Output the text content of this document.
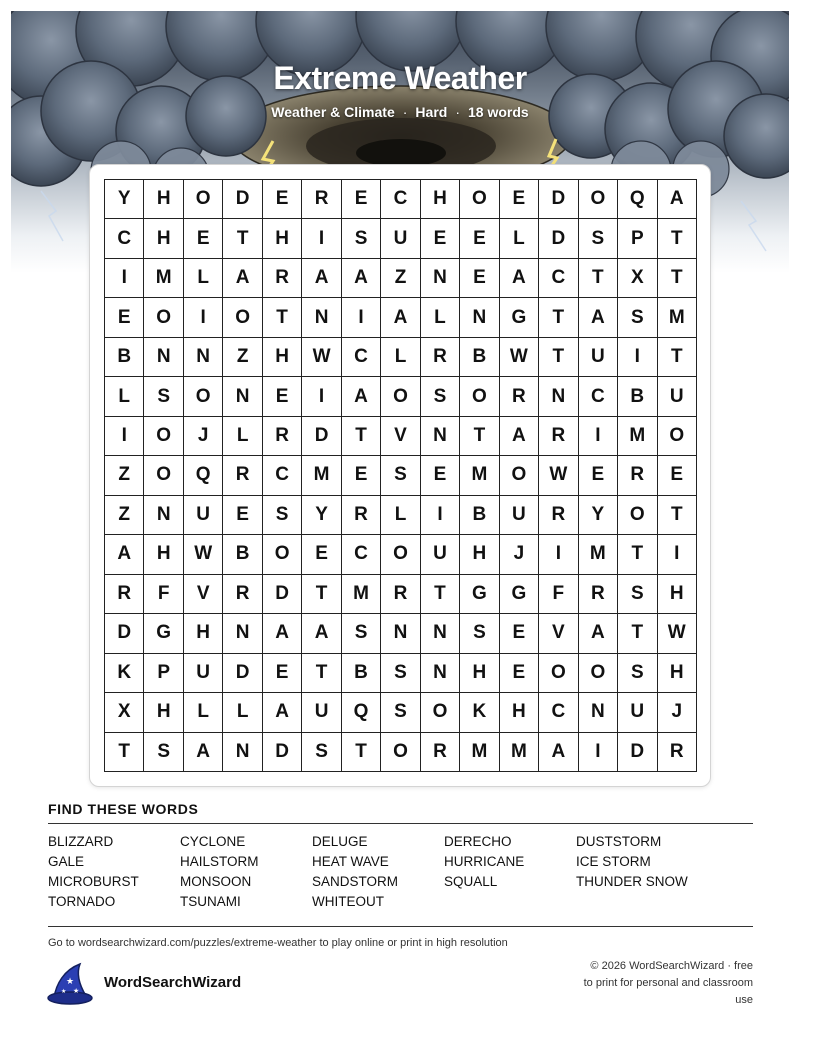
Extreme Weather
Weather & Climate · Hard · 18 words
Y	H	O	D	E	R	E	C	H	O	E	D	O	Q	A
C	H	E	T	H	I	S	U	E	E	L	D	S	P	T
I	M	L	A	R	A	A	Z	N	E	A	C	T	X	T
E	O	I	O	T	N	I	A	L	N	G	T	A	S	M
B	N	N	Z	H	W	C	L	R	B	W	T	U	I	T
L	S	O	N	E	I	A	O	S	O	R	N	C	B	U
I	O	J	L	R	D	T	V	N	T	A	R	I	M	O
Z	O	Q	R	C	M	E	S	E	M	O	W	E	R	E
Z	N	U	E	S	Y	R	L	I	B	U	R	Y	O	T
A	H	W	B	O	E	C	O	U	H	J	I	M	T	I
R	F	V	R	D	T	M	R	T	G	G	F	R	S	H
D	G	H	N	A	A	S	N	N	S	E	V	A	T	W
K	P	U	D	E	T	B	S	N	H	E	O	O	S	H
X	H	L	L	A	U	Q	S	O	K	H	C	N	U	J
T	S	A	N	D	S	T	O	R	M	M	A	I	D	R
FIND THESE WORDS
BLIZZARD	CYCLONE	DELUGE	DERECHO	DUSTSTORM
GALE	HAILSTORM	HEAT WAVE	HURRICANE	ICE STORM
MICROBURST	MONSOON	SANDSTORM	SQUALL	THUNDER SNOW
TORNADO	TSUNAMI	WHITEOUT
Go to wordsearchwizard.com/puzzles/extreme-weather to play online or print in high resolution
★
★
★
WordSearchWizard
© 2026 WordSearchWizard · free to print for personal and classroom use
